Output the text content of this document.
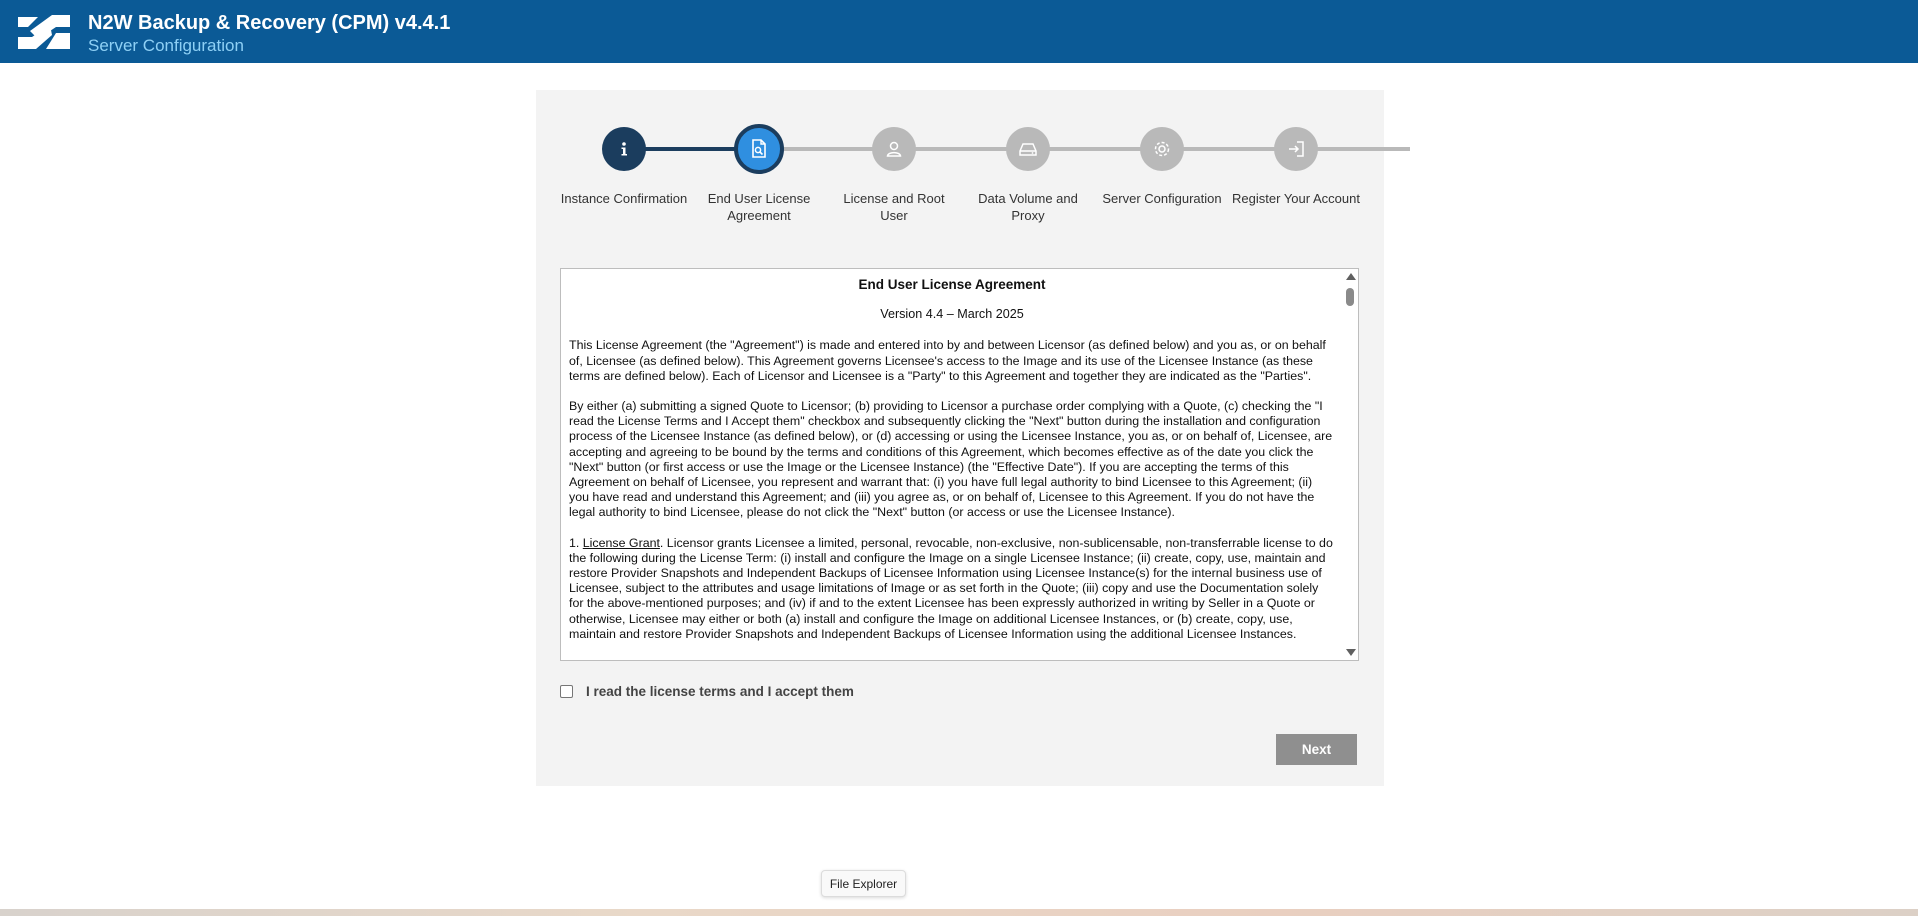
N2W Backup & Recovery (CPM) v4.4.1
Server Configuration
Instance Confirmation	End User License Agreement
License and Root User
Data Volume and Proxy
Server Configuration Register Your Account
End User License Agreement
Version 4.4 – March 2025

This License Agreement (the "Agreement") is made and entered into by and between Licensor (as defined below) and you as, or on behalf of, Licensee (as defined below). This Agreement governs Licensee's access to the Image and its use of the Licensee Instance (as these terms are defined below). Each of Licensor and Licensee is a "Party" to this Agreement and together they are indicated as the "Parties".

By either (a) submitting a signed Quote to Licensor; (b) providing to Licensor a purchase order complying with a Quote, (c) checking the "I read the License Terms and I Accept them" checkbox and subsequently clicking the "Next" button during the installation and configuration process of the Licensee Instance (as defined below), or (d) accessing or using the Licensee Instance, you as, or on behalf of, Licensee, are accepting and agreeing to be bound by the terms and conditions of this Agreement, which becomes effective as of the date you click the "Next" button (or first access or use the Image or the Licensee Instance) (the "Effective Date"). If you are accepting the terms of this Agreement on behalf of Licensee, you represent and warrant that: (i) you have full legal authority to bind Licensee to this Agreement; (ii) you have read and understand this Agreement; and (iii) you agree as, or on behalf of, Licensee to this Agreement. If you do not have the legal authority to bind Licensee, please do not click the "Next" button (or access or use the Licensee Instance).

1. License Grant. Licensor grants Licensee a limited, personal, revocable, non-exclusive, non-sublicensable, non-transferrable license to do the following during the License Term: (i) install and configure the Image on a single Licensee Instance; (ii) create, copy, use, maintain and restore Provider Snapshots and Independent Backups of Licensee Information using Licensee Instance(s) for the internal business use of Licensee, subject to the attributes and usage limitations of Image or as set forth in the Quote; (iii) copy and use the Documentation solely for the above-mentioned purposes; and (iv) if and to the extent Licensee has been expressly authorized in writing by Seller in a Quote or otherwise, Licensee may either or both (a) install and configure the Image on additional Licensee Instances, or (b) create, copy, use, maintain and restore Provider Snapshots and Independent Backups of Licensee Information using the additional Licensee Instances.

I read the license terms and I accept them
Next
File Explorer
